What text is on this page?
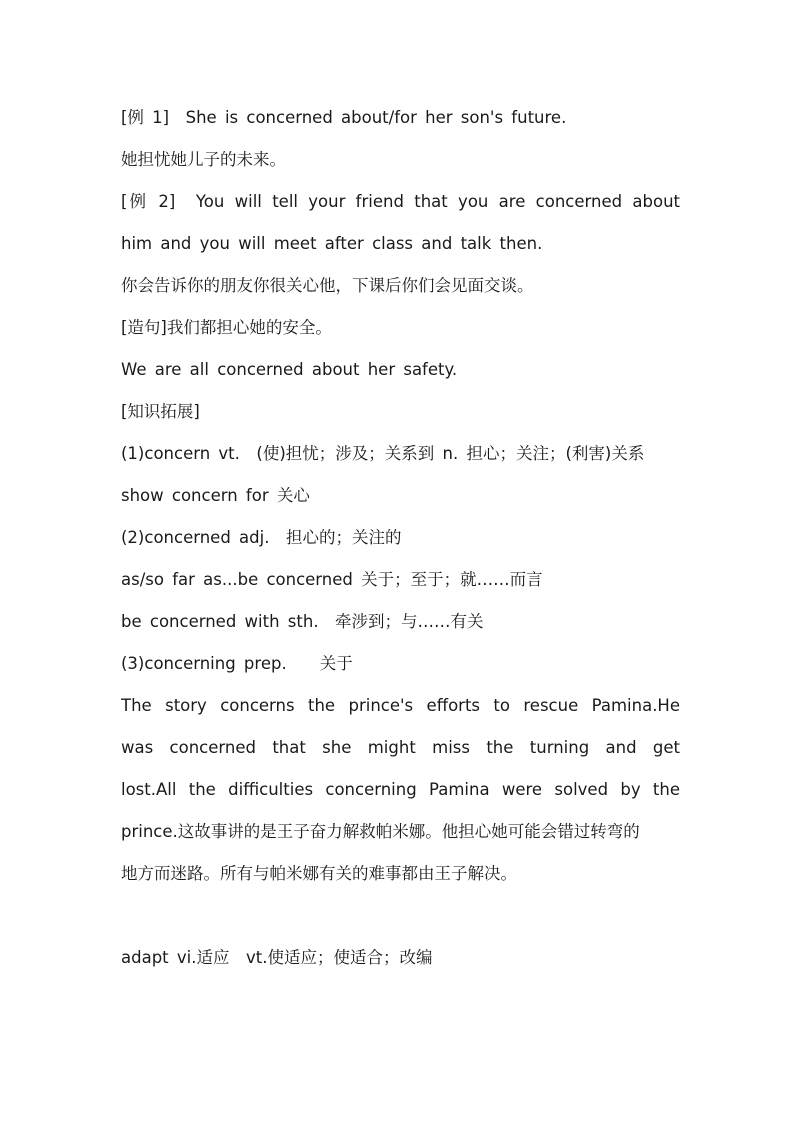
[例 1]　She is concerned about/for her son's future.
她担忧她儿子的未来。
[例 2]　You will tell your friend that you are concerned about
him and you will meet after class and talk then.
你会告诉你的朋友你很关心他，下课后你们会见面交谈。
[造句]我们都担心她的安全。
We are all concerned about her safety.
[知识拓展]
(1)concern vt.　(使)担忧；涉及；关系到 n. 担心；关注；(利害)关系
show concern for 关心
(2)concerned adj.　担心的；关注的
as/so far as...be concerned 关于；至于；就……而言
be concerned with sth.　牵涉到；与……有关
(3)concerning prep.　　关于
The story concerns the prince's efforts to rescue Pamina.He
was concerned that she might miss the turning and get
lost.All the difficulties concerning Pamina were solved by the
prince.这故事讲的是王子奋力解救帕米娜。他担心她可能会错过转弯的
地方而迷路。所有与帕米娜有关的难事都由王子解决。
adapt vi.适应　vt.使适应；使适合；改编
